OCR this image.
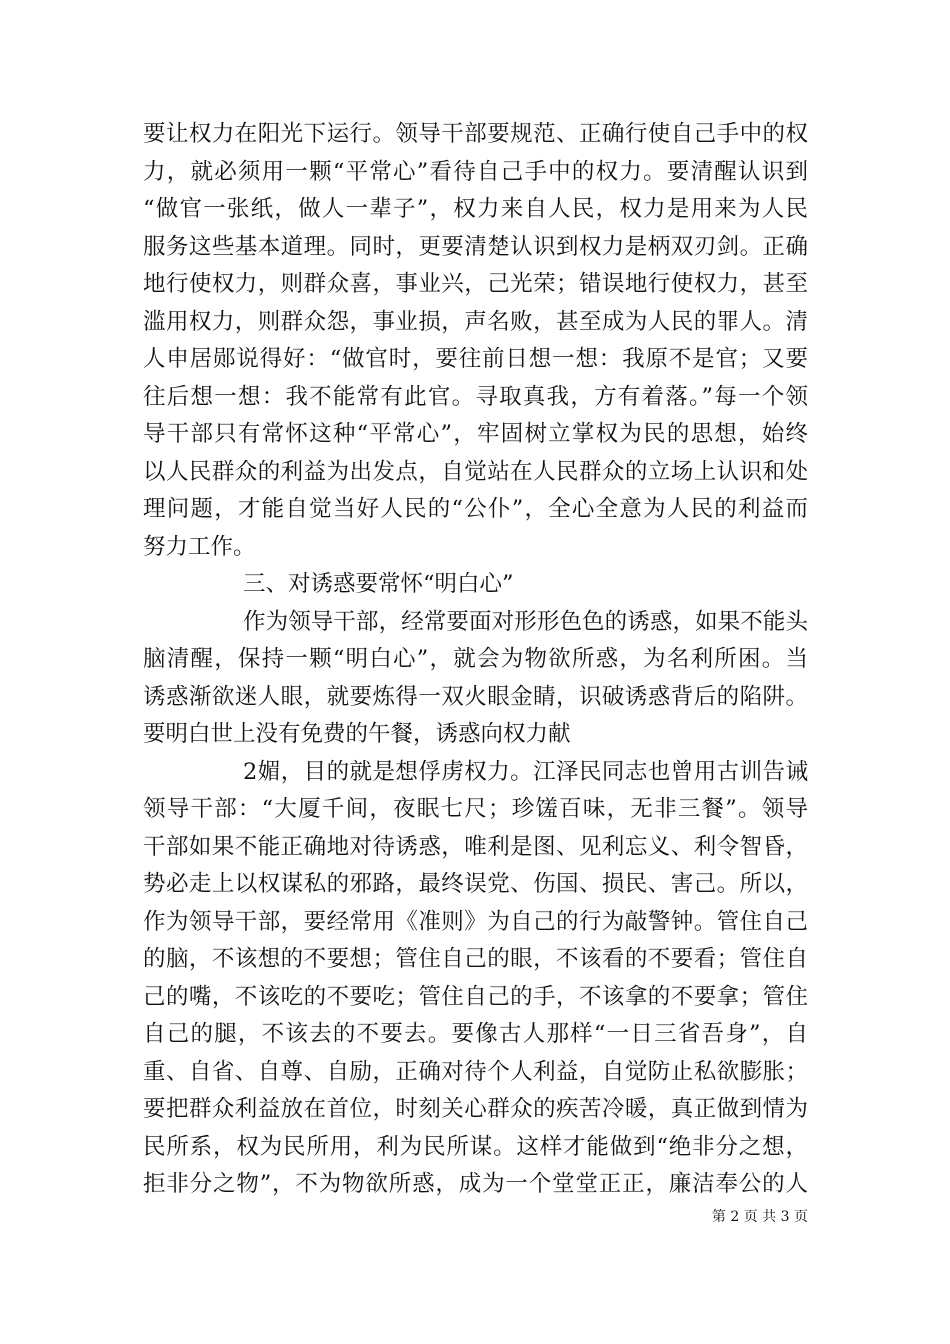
要让权力在阳光下运行。领导干部要规范、正确行使自己手中的权
力，就必须用一颗“平常心”看待自己手中的权力。要清醒认识到
“做官一张纸，做人一辈子”，权力来自人民，权力是用来为人民
服务这些基本道理。同时，更要清楚认识到权力是柄双刃剑。正确
地行使权力，则群众喜，事业兴，己光荣；错误地行使权力，甚至
滥用权力，则群众怨，事业损，声名败，甚至成为人民的罪人。清
人申居郧说得好：“做官时，要往前日想一想：我原不是官；又要
往后想一想：我不能常有此官。寻取真我，方有着落。”每一个领
导干部只有常怀这种“平常心”，牢固树立掌权为民的思想，始终
以人民群众的利益为出发点，自觉站在人民群众的立场上认识和处
理问题，才能自觉当好人民的“公仆”，全心全意为人民的利益而
努力工作。
三、对诱惑要常怀“明白心”
作为领导干部，经常要面对形形色色的诱惑，如果不能头
脑清醒，保持一颗“明白心”，就会为物欲所惑，为名利所困。当
诱惑渐欲迷人眼，就要炼得一双火眼金睛，识破诱惑背后的陷阱。
要明白世上没有免费的午餐，诱惑向权力献
2媚，目的就是想俘虏权力。江泽民同志也曾用古训告诫
领导干部：“大厦千间，夜眠七尺；珍馐百味，无非三餐”。领导
干部如果不能正确地对待诱惑，唯利是图、见利忘义、利令智昏，
势必走上以权谋私的邪路，最终误党、伤国、损民、害己。所以，
作为领导干部，要经常用《准则》为自己的行为敲警钟。管住自己
的脑，不该想的不要想；管住自己的眼，不该看的不要看；管住自
己的嘴，不该吃的不要吃；管住自己的手，不该拿的不要拿；管住
自己的腿，不该去的不要去。要像古人那样“一日三省吾身”，自
重、自省、自尊、自励，正确对待个人利益，自觉防止私欲膨胀；
要把群众利益放在首位，时刻关心群众的疾苦冷暖，真正做到情为
民所系，权为民所用，利为民所谋。这样才能做到“绝非分之想，
拒非分之物”，不为物欲所惑，成为一个堂堂正正，廉洁奉公的人
第 2 页 共 3 页
